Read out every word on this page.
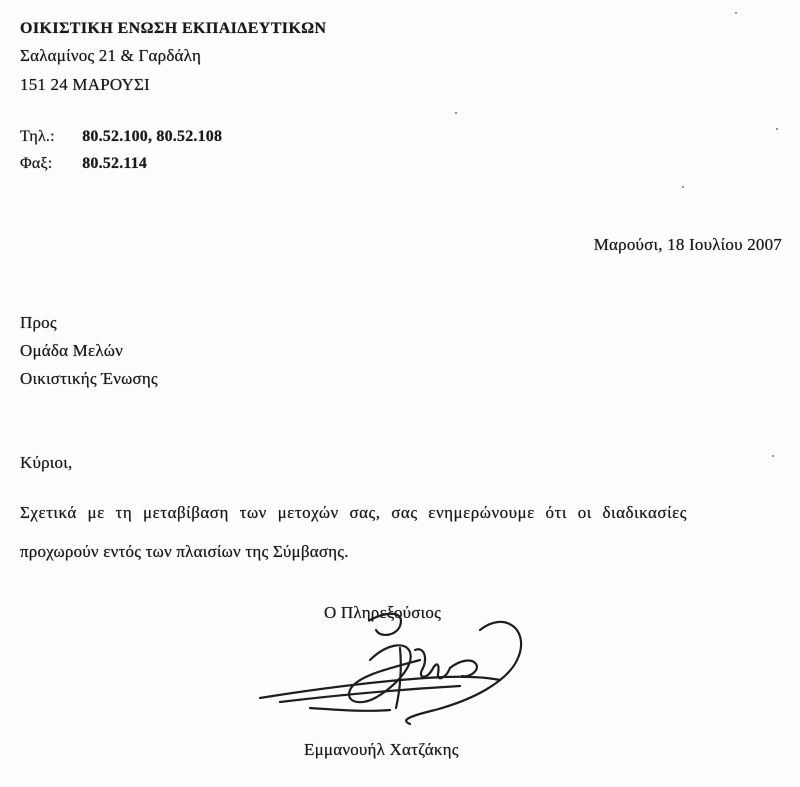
ΟΙΚΙΣΤΙΚΗ ΕΝΩΣΗ ΕΚΠΑΙΔΕΥΤΙΚΩΝ
Σαλαμίνος 21 & Γαρδάλη
151 24 ΜΑΡΟΥΣΙ
Τηλ.: 80.52.100, 80.52.108
Φαξ: 80.52.114
Μαρούσι, 18 Ιουλίου 2007
Προς
Ομάδα Μελών
Οικιστικής Ένωσης
Κύριοι,
Σχετικά με τη μεταβίβαση των μετοχών σας, σας ενημερώνουμε ότι οι διαδικασίες
προχωρούν εντός των πλαισίων της Σύμβασης.
Ο Πληρεξούσιος
Εμμανουήλ Χατζάκης
